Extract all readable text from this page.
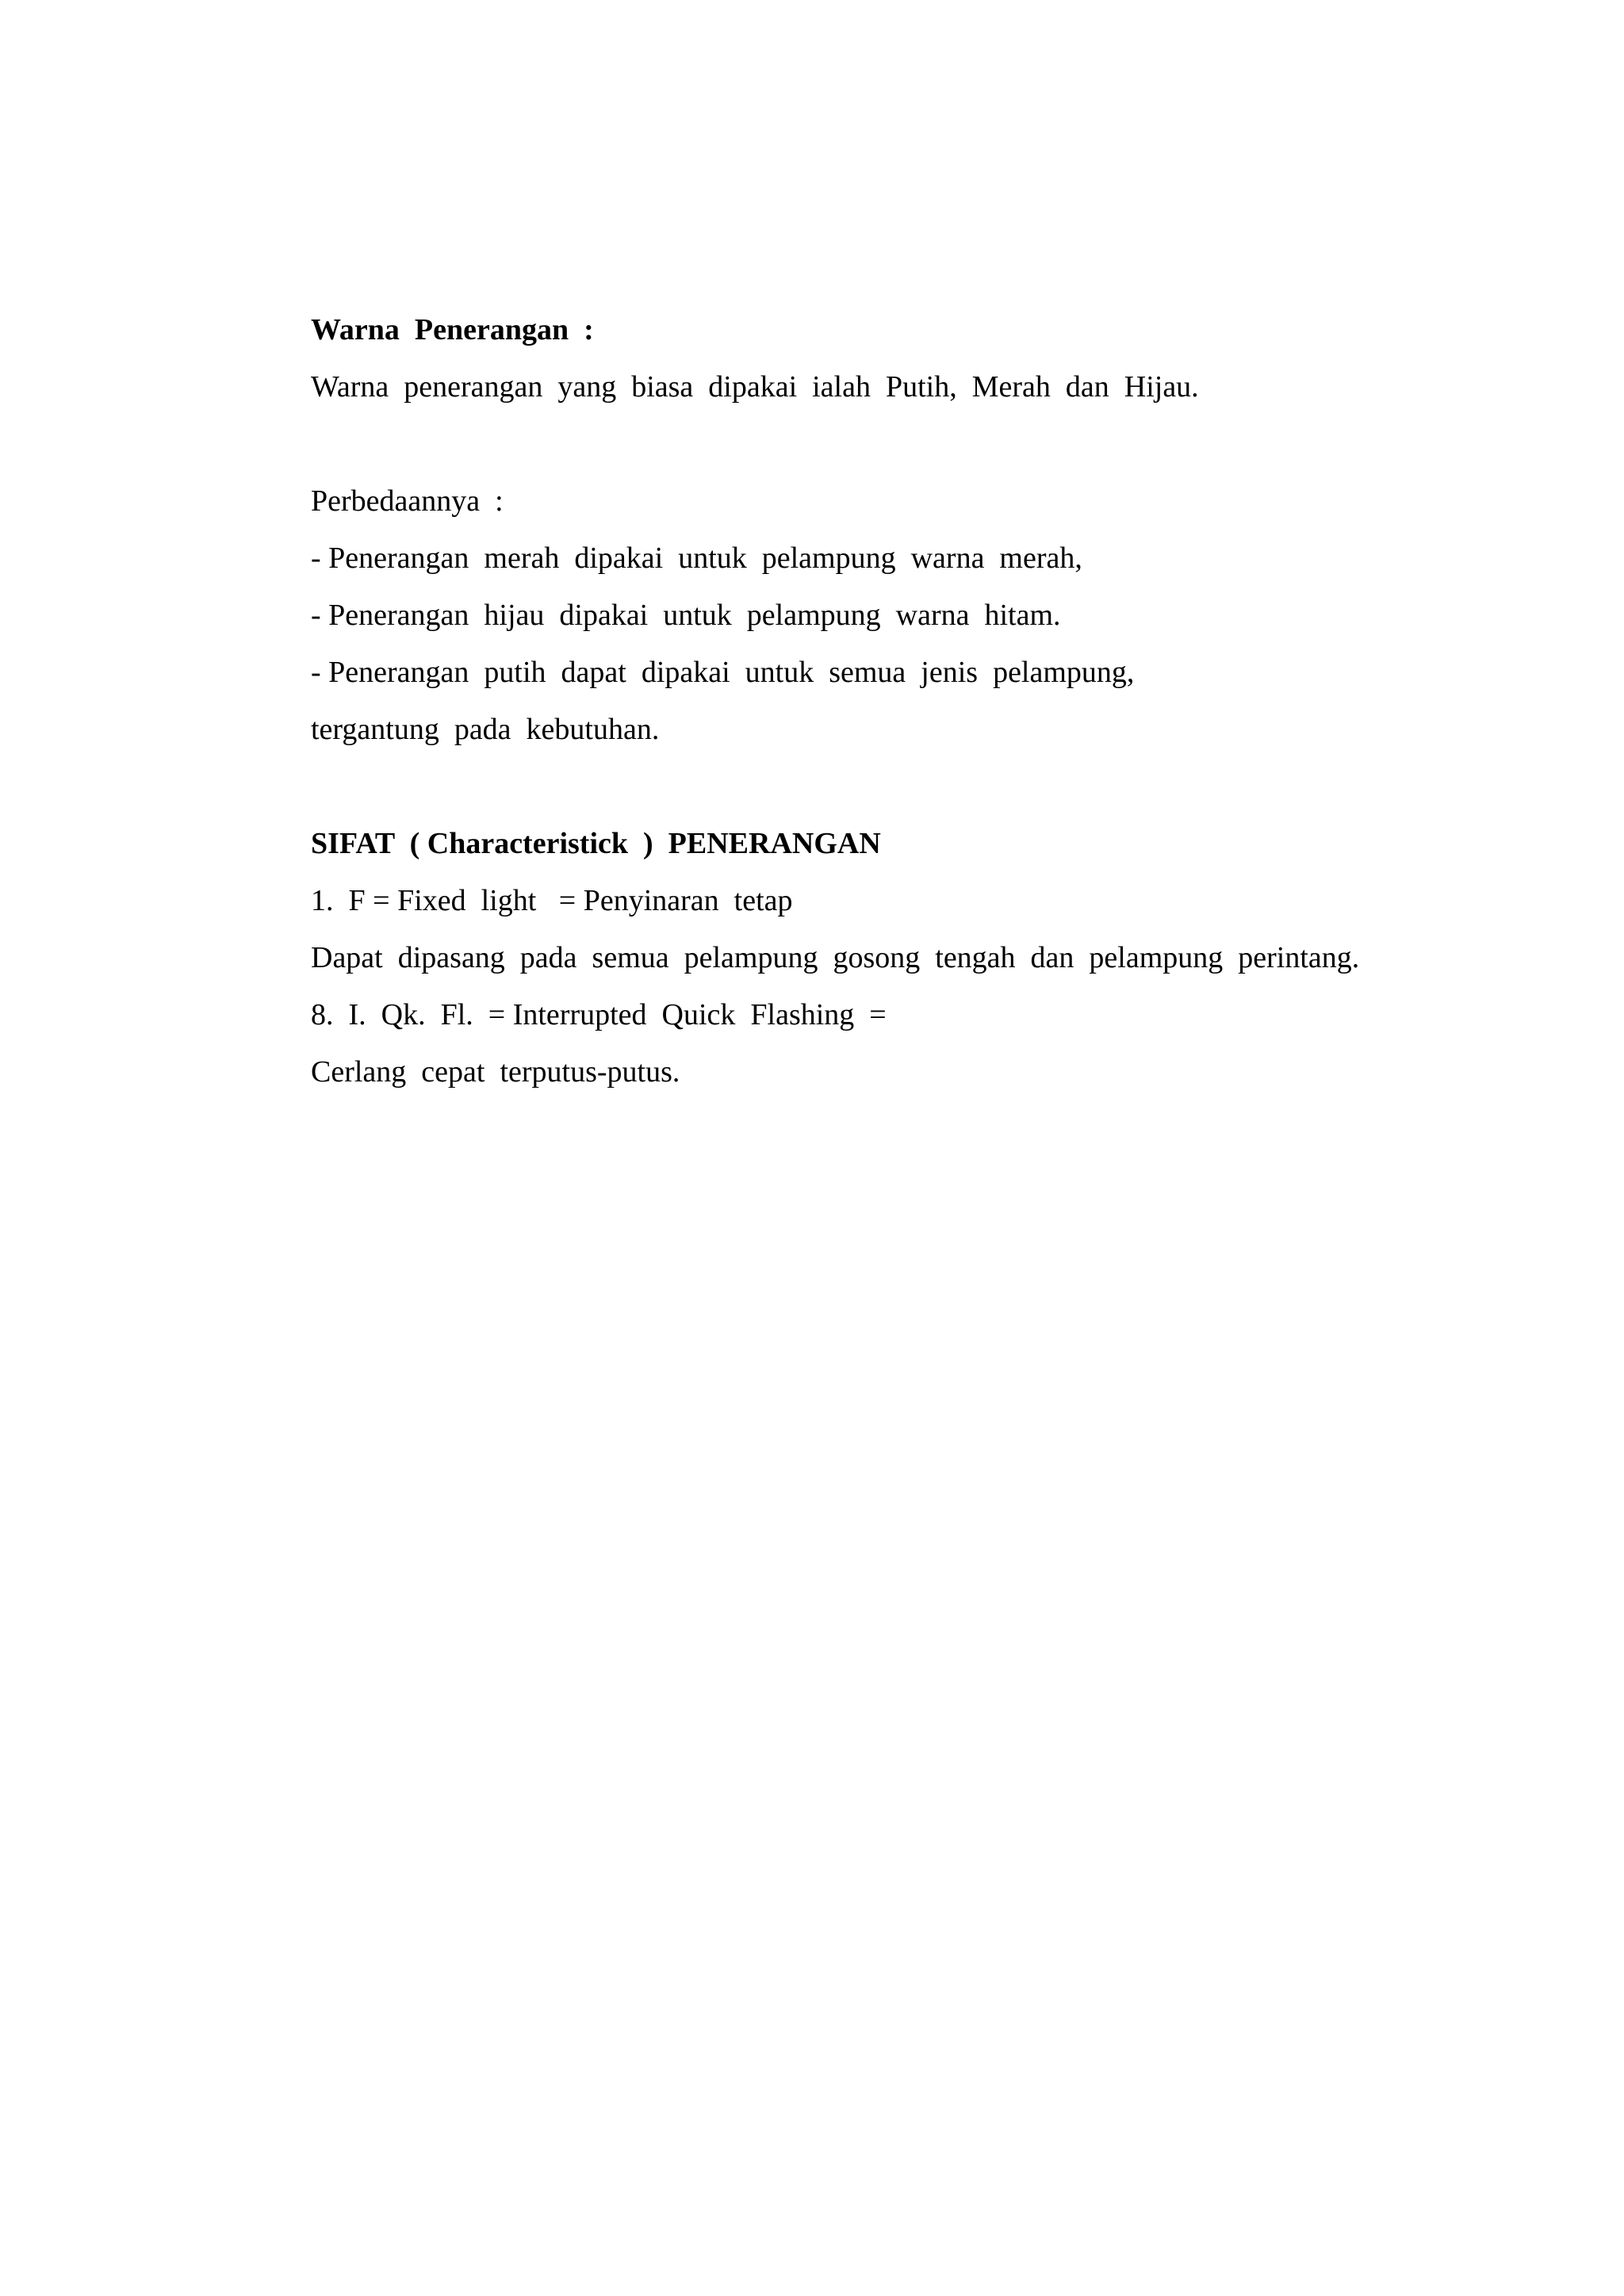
Warna  Penerangan  :

Warna  penerangan  yang  biasa  dipakai  ialah  Putih,  Merah  dan  Hijau.

Perbedaannya  :

- Penerangan  merah  dipakai  untuk  pelampung  warna  merah,

- Penerangan  hijau  dipakai  untuk  pelampung  warna  hitam.

- Penerangan  putih  dapat  dipakai  untuk  semua  jenis  pelampung,

tergantung  pada  kebutuhan.

SIFAT  ( Characteristick  )  PENERANGAN

1.  F = Fixed  light   = Penyinaran  tetap

Dapat  dipasang  pada  semua  pelampung  gosong  tengah  dan  pelampung  perintang.

8.  I.  Qk.  Fl.  = Interrupted  Quick  Flashing  =

Cerlang  cepat  terputus-putus.
